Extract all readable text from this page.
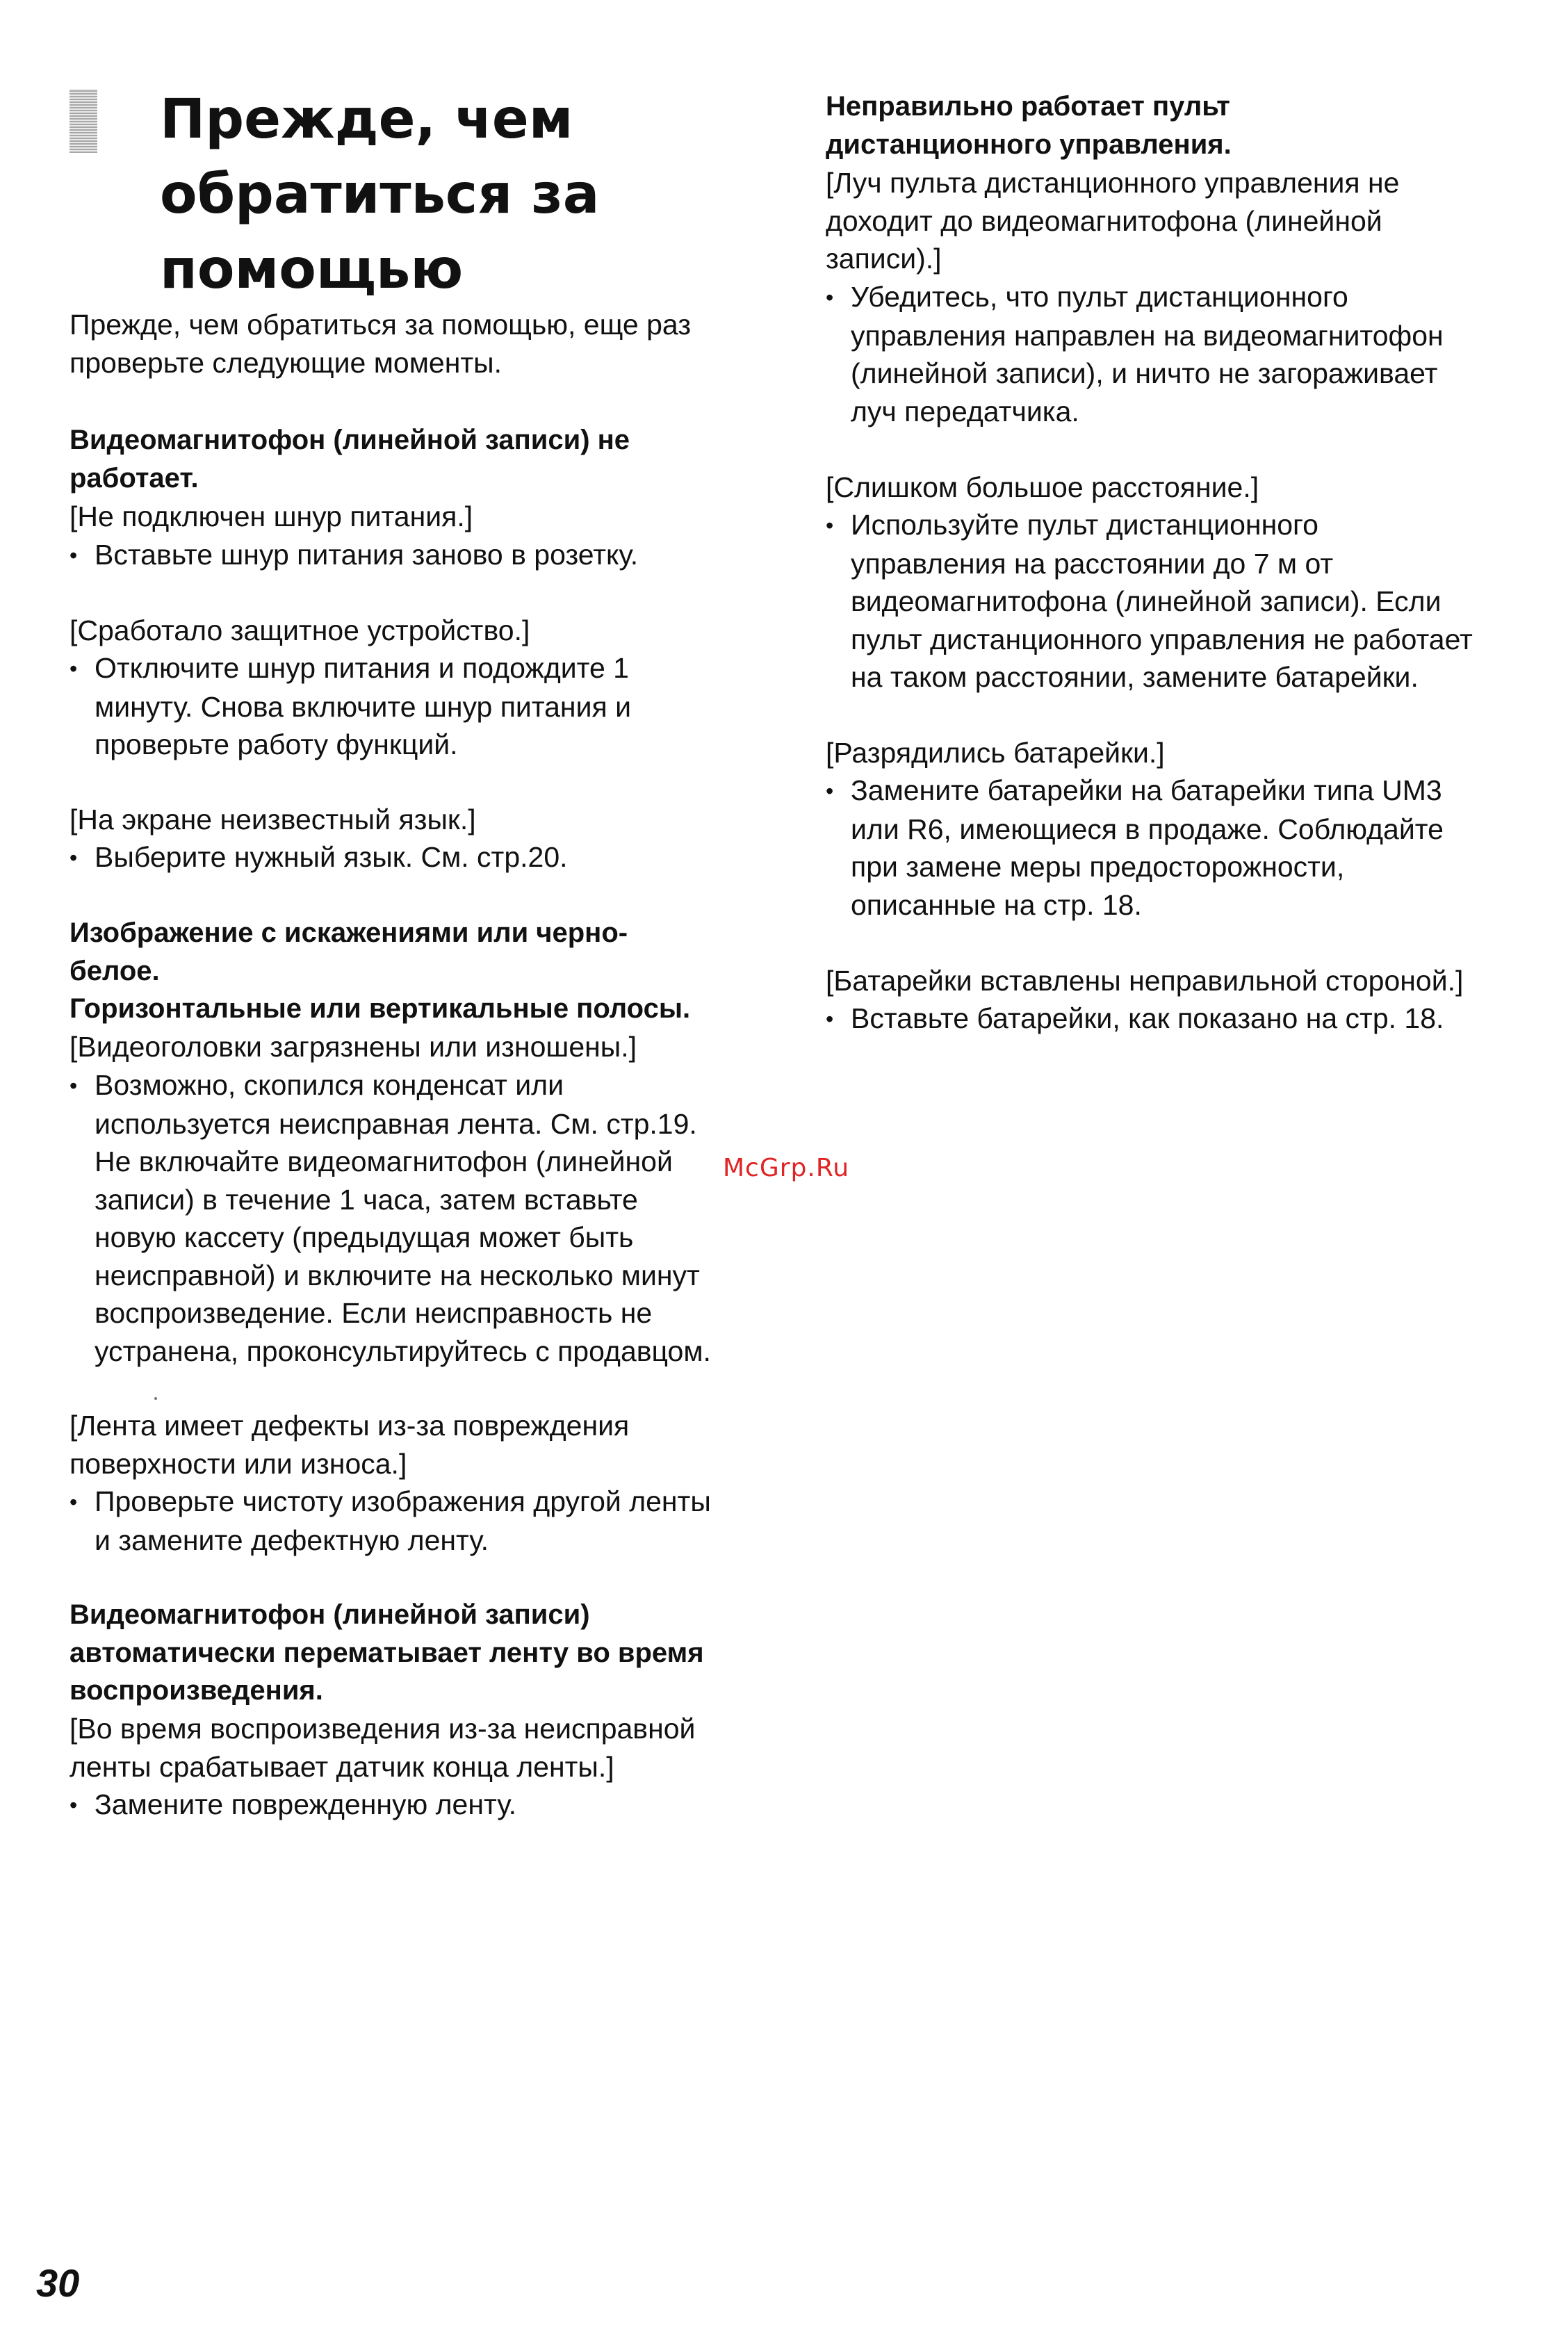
Прежде, чем
обратиться за
помощью
Прежде, чем обратиться за помощью, еще раз
проверьте следующие моменты.
Видеомагнитофон (линейной записи) не
работает.
[Не подключен шнур питания.]
• Вставьте шнур питания заново в розетку.
[Сработало защитное устройство.]
• Отключите шнур питания и подождите 1
минуту. Снова включите шнур питания и
проверьте работу функций.
[На экране неизвестный язык.]
• Выберите нужный язык. См. стр.20.
Изображение с искажениями или черно-
белое.
Горизонтальные или вертикальные полосы.
[Видеоголовки загрязнены или изношены.]
• Возможно, скопился конденсат или
используется неисправная лента. См. стр.19.
Не включайте видеомагнитофон (линейной
записи) в течение 1 часа, затем вставьте
новую кассету (предыдущая может быть
неисправной) и включите на несколько минут
воспроизведение. Если неисправность не
устранена, проконсультируйтесь с продавцом.
[Лента имеет дефекты из-за повреждения
поверхности или износа.]
• Проверьте чистоту изображения другой ленты
и замените дефектную ленту.
Видеомагнитофон (линейной записи)
автоматически перематывает ленту во время
воспроизведения.
[Во время воспроизведения из-за неисправной
ленты срабатывает датчик конца ленты.]
• Замените поврежденную ленту.
Неправильно работает пульт
дистанционного управления.
[Луч пульта дистанционного управления не
доходит до видеомагнитофона (линейной
записи).]
• Убедитесь, что пульт дистанционного
управления направлен на видеомагнитофон
(линейной записи), и ничто не загораживает
луч передатчика.
[Слишком большое расстояние.]
• Используйте пульт дистанционного
управления на расстоянии до 7 м от
видеомагнитофона (линейной записи). Если
пульт дистанционного управления не работает
на таком расстоянии, замените батарейки.
[Разрядились батарейки.]
• Замените батарейки на батарейки типа UM3
или R6, имеющиеся в продаже. Соблюдайте
при замене меры предосторожности,
описанные на стр. 18.
[Батарейки вставлены неправильной стороной.]
• Вставьте батарейки, как показано на стр. 18.
McGrp.Ru
30
